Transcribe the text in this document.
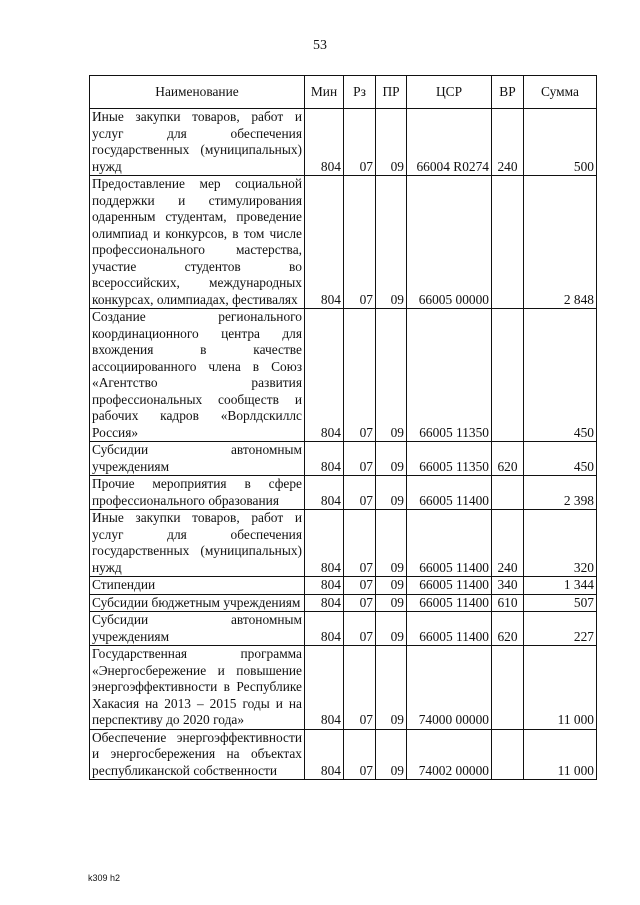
53
Наименование	Мин	Рз	ПР	ЦСР	ВР	Сумма
Иные закупки товаров, работ и услуг для обеспечения государственных (муниципальных) нужд	804	07	09	66004 R0274	240	500
Предоставление мер социальной поддержки и стимулирования одаренным студентам, проведение олимпиад и конкурсов, в том числе профессионального мастерства, участие студентов во всероссийских, международных конкурсах, олимпиадах, фестивалях	804	07	09	66005 00000		2 848
Создание регионального координационного центра для вхождения в качестве ассоциированного члена в Союз «Агентство развития профессиональных сообществ и рабочих кадров «Ворлдскиллс Россия»	804	07	09	66005 11350		450
Субсидии автономным учреждениям	804	07	09	66005 11350	620	450
Прочие мероприятия в сфере профессионального образования	804	07	09	66005 11400		2 398
Иные закупки товаров, работ и услуг для обеспечения государственных (муниципальных) нужд	804	07	09	66005 11400	240	320
Стипендии	804	07	09	66005 11400	340	1 344
Субсидии бюджетным учреждениям	804	07	09	66005 11400	610	507
Субсидии автономным учреждениям	804	07	09	66005 11400	620	227
Государственная программа «Энергосбережение и повышение энергоэффективности в Республике Хакасия на 2013 – 2015 годы и на перспективу до 2020 года»	804	07	09	74000 00000		11 000
Обеспечение энергоэффективности и энергосбережения на объектах республиканской собственности	804	07	09	74002 00000		11 000
k309 h2
